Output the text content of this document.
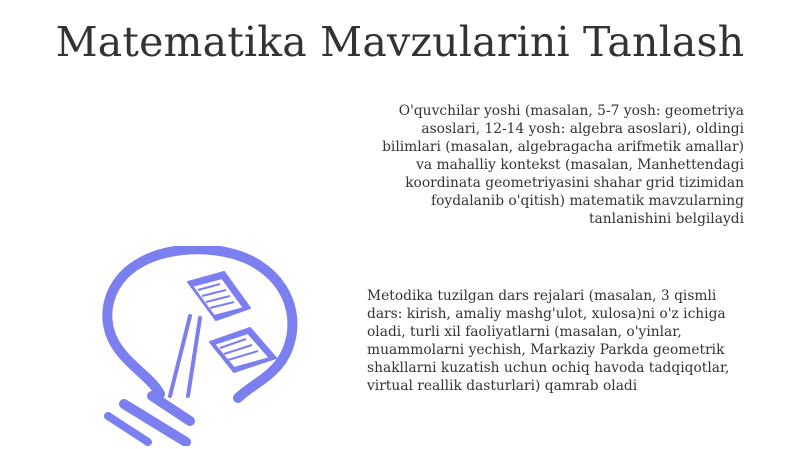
Matematika Mavzularini Tanlash

O'quvchilar yoshi (masalan, 5-7 yosh: geometriya asoslari, 12-14 yosh: algebra asoslari), oldingi bilimlari (masalan, algebragacha arifmetik amallar) va mahalliy kontekst (masalan, Manhettendagi koordinata geometriyasini shahar grid tizimidan foydalanib o'qitish) matematik mavzularning tanlanishini belgilaydi

Metodika tuzilgan dars rejalari (masalan, 3 qismli dars: kirish, amaliy mashg'ulot, xulosa)ni o'z ichiga oladi, turli xil faoliyatlarni (masalan, o'yinlar, muammolarni yechish, Markaziy Parkda geometrik shakllarni kuzatish uchun ochiq havoda tadqiqotlar, virtual reallik dasturlari) qamrab oladi
